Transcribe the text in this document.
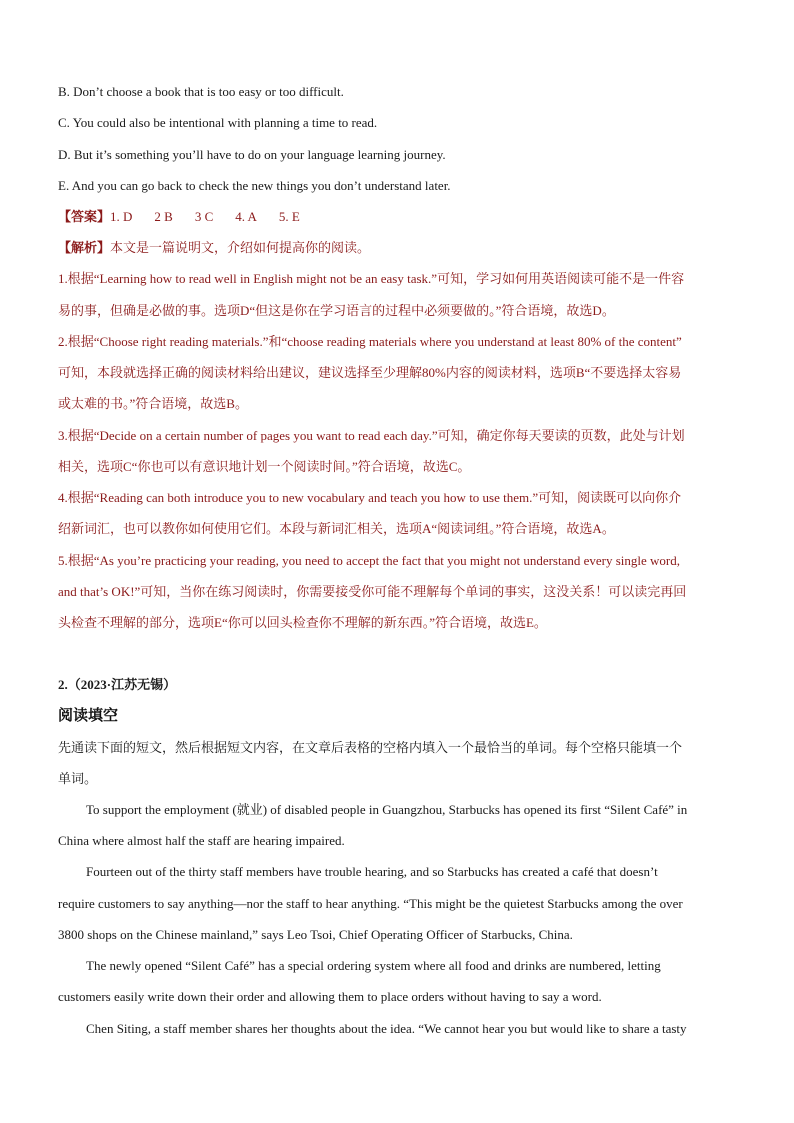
B. Don’t choose a book that is too easy or too difficult.
C. You could also be intentional with planning a time to read.
D. But it’s something you’ll have to do on your language learning journey.
E. And you can go back to check the new things you don’t understand later.
【答案】1. D 2 B 3 C 4. A 5. E
【解析】本文是一篇说明文，介绍如何提高你的阅读。
1.根据“Learning how to read well in English might not be an easy task.”可知，学习如何用英语阅读可能不是一件容
易的事，但确是必做的事。选项D“但这是你在学习语言的过程中必须要做的。”符合语境，故选D。
2.根据“Choose right reading materials.”和“choose reading materials where you understand at least 80% of the content”
可知，本段就选择正确的阅读材料给出建议，建议选择至少理解80%内容的阅读材料，选项B“不要选择太容易
或太难的书。”符合语境，故选B。
3.根据“Decide on a certain number of pages you want to read each day.”可知，确定你每天要读的页数，此处与计划
相关，选项C“你也可以有意识地计划一个阅读时间。”符合语境，故选C。
4.根据“Reading can both introduce you to new vocabulary and teach you how to use them.”可知，阅读既可以向你介
绍新词汇，也可以教你如何使用它们。本段与新词汇相关，选项A“阅读词组。”符合语境，故选A。
5.根据“As you’re practicing your reading, you need to accept the fact that you might not understand every single word,
and that’s OK!”可知，当你在练习阅读时，你需要接受你可能不理解每个单词的事实，这没关系！可以读完再回
头检查不理解的部分，选项E“你可以回头检查你不理解的新东西。”符合语境，故选E。
2.（2023·江苏无锡）
阅读填空
先通读下面的短文，然后根据短文内容，在文章后表格的空格内填入一个最恰当的单词。每个空格只能填一个
单词。
To support the employment (就业) of disabled people in Guangzhou, Starbucks has opened its first “Silent Café” in
China where almost half the staff are hearing impaired.
Fourteen out of the thirty staff members have trouble hearing, and so Starbucks has created a café that doesn’t
require customers to say anything—nor the staff to hear anything. “This might be the quietest Starbucks among the over
3800 shops on the Chinese mainland,” says Leo Tsoi, Chief Operating Officer of Starbucks, China.
The newly opened “Silent Café” has a special ordering system where all food and drinks are numbered, letting
customers easily write down their order and allowing them to place orders without having to say a word.
Chen Siting, a staff member shares her thoughts about the idea. “We cannot hear you but would like to share a tasty
